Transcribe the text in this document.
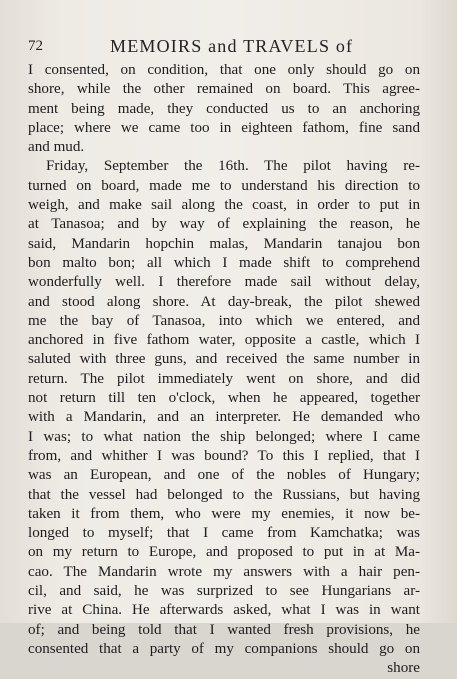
72	MEMOIRS and TRAVELS of
I consented, on condition, that one only should go on
shore, while the other remained on board. This agree-
ment being made, they conducted us to an anchoring
place; where we came too in eighteen fathom, fine sand
and mud.
Friday, September the 16th. The pilot having re-
turned on board, made me to understand his direction to
weigh, and make sail along the coast, in order to put in
at Tanasoa; and by way of explaining the reason, he
said, Mandarin hopchin malas, Mandarin tanajou bon
bon malto bon; all which I made shift to comprehend
wonderfully well. I therefore made sail without delay,
and stood along shore. At day-break, the pilot shewed
me the bay of Tanasoa, into which we entered, and
anchored in five fathom water, opposite a castle, which I
saluted with three guns, and received the same number in
return. The pilot immediately went on shore, and did
not return till ten o'clock, when he appeared, together
with a Mandarin, and an interpreter. He demanded who
I was; to what nation the ship belonged; where I came
from, and whither I was bound? To this I replied, that I
was an European, and one of the nobles of Hungary;
that the vessel had belonged to the Russians, but having
taken it from them, who were my enemies, it now be-
longed to myself; that I came from Kamchatka; was
on my return to Europe, and proposed to put in at Ma-
cao. The Mandarin wrote my answers with a hair pen-
cil, and said, he was surprized to see Hungarians ar-
rive at China. He afterwards asked, what I was in want
of; and being told that I wanted fresh provisions, he
consented that a party of my companions should go on
shore
